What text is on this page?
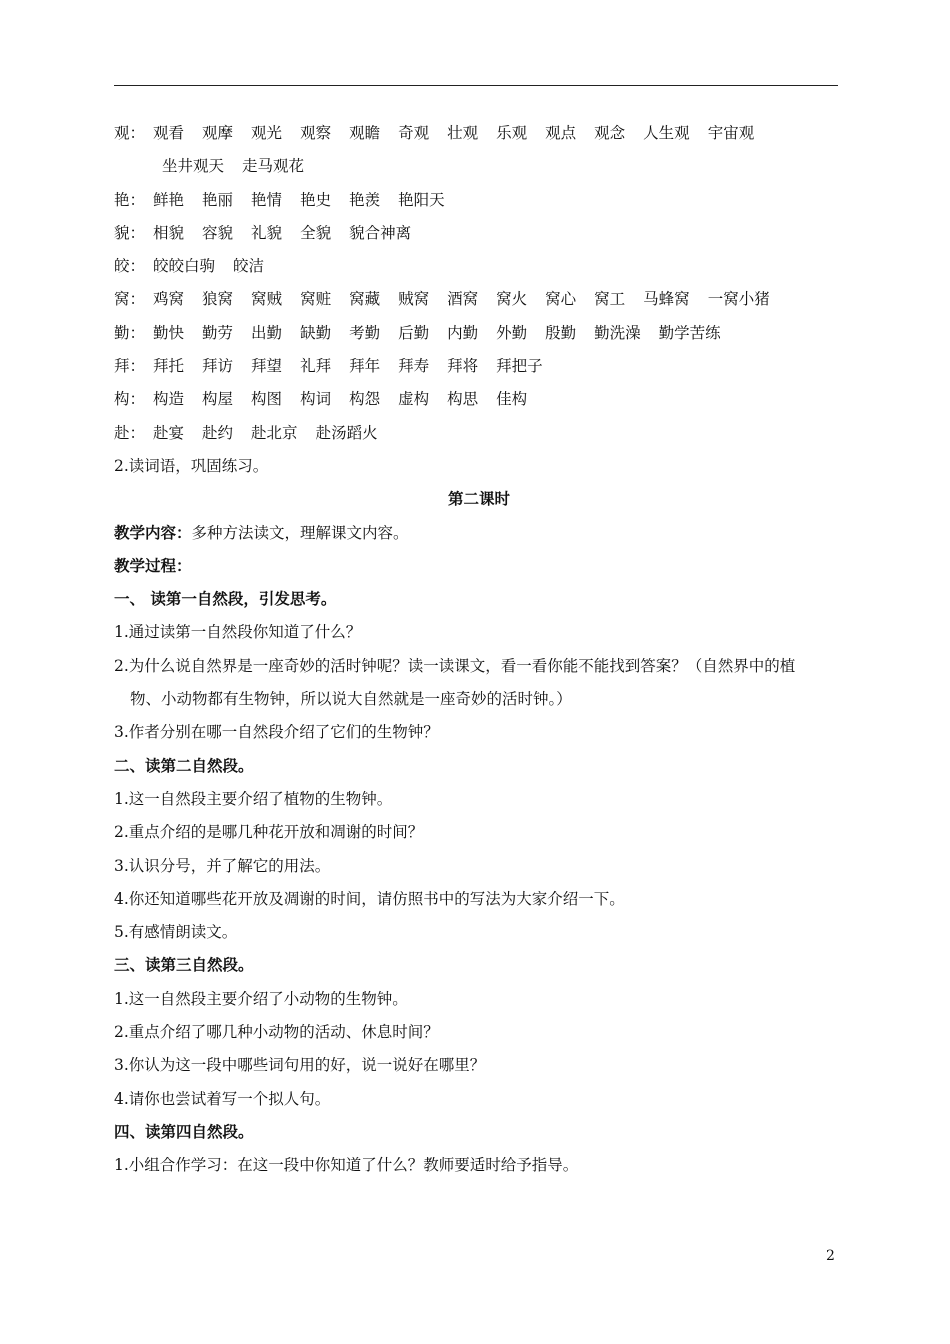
观： 观看 观摩 观光 观察 观瞻 奇观 壮观 乐观 观点 观念 人生观 宇宙观
坐井观天 走马观花
艳： 鲜艳 艳丽 艳情 艳史 艳羡 艳阳天
貌： 相貌 容貌 礼貌 全貌 貌合神离
皎： 皎皎白驹 皎洁
窝： 鸡窝 狼窝 窝贼 窝赃 窝藏 贼窝 酒窝 窝火 窝心 窝工 马蜂窝 一窝小猪
勤： 勤快 勤劳 出勤 缺勤 考勤 后勤 内勤 外勤 殷勤 勤洗澡 勤学苦练
拜： 拜托 拜访 拜望 礼拜 拜年 拜寿 拜将 拜把子
构： 构造 构屋 构图 构词 构怨 虚构 构思 佳构
赴： 赴宴 赴约 赴北京 赴汤蹈火
2.读词语，巩固练习。
第二课时
教学内容：多种方法读文，理解课文内容。
教学过程：
一、 读第一自然段，引发思考。
1.通过读第一自然段你知道了什么？
2.为什么说自然界是一座奇妙的活时钟呢？读一读课文，看一看你能不能找到答案？（自然界中的植
物、小动物都有生物钟，所以说大自然就是一座奇妙的活时钟。）
3.作者分别在哪一自然段介绍了它们的生物钟？
二、读第二自然段。
1.这一自然段主要介绍了植物的生物钟。
2.重点介绍的是哪几种花开放和凋谢的时间？
3.认识分号，并了解它的用法。
4.你还知道哪些花开放及凋谢的时间，请仿照书中的写法为大家介绍一下。
5.有感情朗读文。
三、读第三自然段。
1.这一自然段主要介绍了小动物的生物钟。
2.重点介绍了哪几种小动物的活动、休息时间？
3.你认为这一段中哪些词句用的好，说一说好在哪里？
4.请你也尝试着写一个拟人句。
四、读第四自然段。
1.小组合作学习：在这一段中你知道了什么？教师要适时给予指导。
2
